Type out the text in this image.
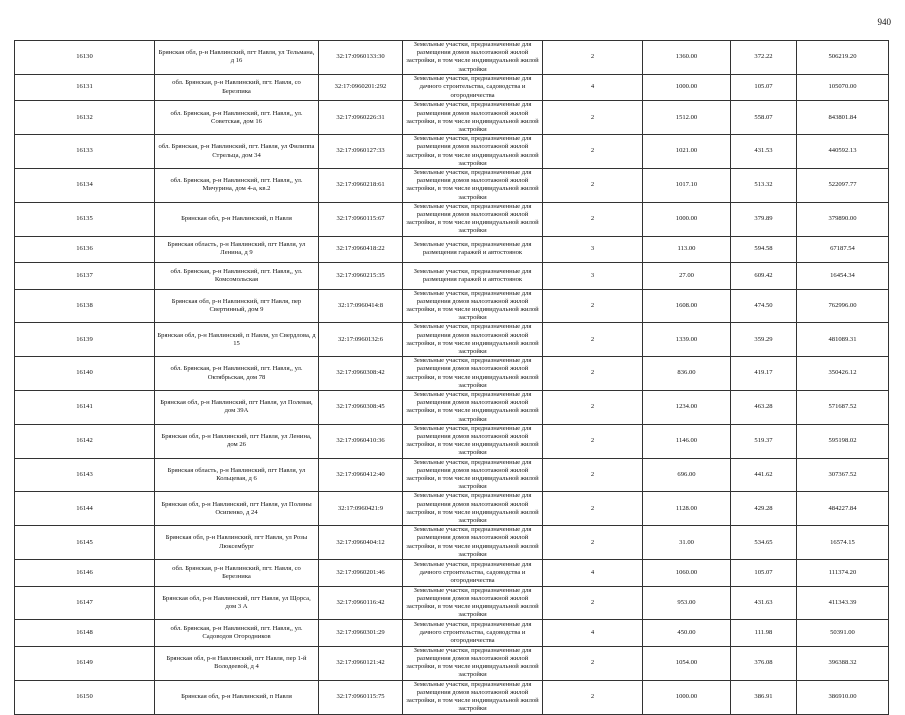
940
16130	Брянская обл, р-н Навлинский, пгт Навля, ул Тельмана, д 16	32:17:0960133:30	Земельные участки, предназначенные для размещения домов малоэтажной жилой застройки, в том числе индивидуальной жилой застройки	2	1360.00	372.22	506219.20
16131	обл. Брянская, р-н Навлинский, пгт. Навля, со Березпика	32:17:0960201:292	Земельные участки, предназначенные для дачного строительства, садоводства и огородничества	4	1000.00	105.07	105070.00
16132	обл. Брянская, р-н Навлинский, пгт. Навля,, ул. Советская, дом 16	32:17:0960226:31	Земельные участки, предназначенные для размещения домов малоэтажной жилой застройки, в том числе индивидуальной жилой застройки	2	1512.00	558.07	843801.84
16133	обл. Брянская, р-н Навлинский, пгт. Навля, ул Филиппа Стрельца, дом 34	32:17:0960127:33	Земельные участки, предназначенные для размещения домов малоэтажной жилой застройки, в том числе индивидуальной жилой застройки	2	1021.00	431.53	440592.13
16134	обл. Брянская, р-н Навлинский, пгт. Навля,, ул. Мичурина, дом 4-а, кв.2	32:17:0960218:61	Земельные участки, предназначенные для размещения домов малоэтажной жилой застройки, в том числе индивидуальной жилой застройки	2	1017.10	513.32	522097.77
16135	Брянская обл, р-н Навлинский, п Навля	32:17:0960115:67	Земельные участки, предназначенные для размещения домов малоэтажной жилой застройки, в том числе индивидуальной жилой застройки	2	1000.00	379.89	379890.00
16136	Брянская область, р-н Навлинский, пгт Навля, ул Ленина, д 9	32:17:0960418:22	Земельные участки, предназначенные для размещения гаражей и автостоянок	3	113.00	594.58	67187.54
16137	обл. Брянская, р-н Навлинский, пгт. Навля,, ул. Комсомольская	32:17:0960215:35	Земельные участки, предназначенные для размещения гаражей и автостоянок	3	27.00	609.42	16454.34
16138	Брянская обл, р-н Навлинский, пгт Навля, пер Свертинный, дом 9	32:17:0960414:8	Земельные участки, предназначенные для размещения домов малоэтажной жилой застройки, в том числе индивидуальной жилой застройки	2	1608.00	474.50	762996.00
16139	Брянская обл, р-н Навлинский, п Навля, ул Свердлова, д 15	32:17:0960132:6	Земельные участки, предназначенные для размещения домов малоэтажной жилой застройки, в том числе индивидуальной жилой застройки	2	1339.00	359.29	481089.31
16140	обл. Брянская, р-н Навлинский, пгт. Навля,, ул. Октябрьская, дом 78	32:17:0960308:42	Земельные участки, предназначенные для размещения домов малоэтажной жилой застройки, в том числе индивидуальной жилой застройки	2	836.00	419.17	350426.12
16141	Брянская обл, р-н Навлинский, пгт Навля, ул Полевая, дом 39А	32:17:0960308:45	Земельные участки, предназначенные для размещения домов малоэтажной жилой застройки, в том числе индивидуальной жилой застройки	2	1234.00	463.28	571687.52
16142	Брянская обл, р-н Навлинский, пгт Навля, ул Ленина, дом 26	32:17:0960410:36	Земельные участки, предназначенные для размещения домов малоэтажной жилой застройки, в том числе индивидуальной жилой застройки	2	1146.00	519.37	595198.02
16143	Брянская область, р-н Навлинский, пгт Навля, ул Кольцевая, д 6	32:17:0960412:40	Земельные участки, предназначенные для размещения домов малоэтажной жилой застройки, в том числе индивидуальной жилой застройки	2	696.00	441.62	307367.52
16144	Брянская обл, р-н Навлинский, пгт Навля, ул Полины Осипенко, д 24	32:17:0960421:9	Земельные участки, предназначенные для размещения домов малоэтажной жилой застройки, в том числе индивидуальной жилой застройки	2	1128.00	429.28	484227.84
16145	Брянская обл, р-н Навлинский, пгт Навля, ул Розы Люксембург	32:17:0960404:12	Земельные участки, предназначенные для размещения домов малоэтажной жилой застройки, в том числе индивидуальной жилой застройки	2	31.00	534.65	16574.15
16146	обл. Брянская, р-н Навлинский, пгт. Навля, со Березника	32:17:0960201:46	Земельные участки, предназначенные для дачного строительства, садоводства и огородничества	4	1060.00	105.07	111374.20
16147	Брянская обл, р-н Навлинский, пгт Навля, ул Щорса, дом 3 А	32:17:0960116:42	Земельные участки, предназначенные для размещения домов малоэтажной жилой застройки, в том числе индивидуальной жилой застройки	2	953.00	431.63	411343.39
16148	обл. Брянская, р-н Навлинский, пгт. Навля,, ул. Садоводов Огородников	32:17:0960301:29	Земельные участки, предназначенные для дачного строительства, садоводства и огородничества	4	450.00	111.98	50391.00
16149	Брянская обл, р-н Навлинский, пгт Навля, пер 1-й Володеевой, д 4	32:17:0960121:42	Земельные участки, предназначенные для размещения домов малоэтажной жилой застройки, в том числе индивидуальной жилой застройки	2	1054.00	376.08	396388.32
16150	Брянская обл, р-н Навлинский, п Навля	32:17:0960115:75	Земельные участки, предназначенные для размещения домов малоэтажной жилой застройки, в том числе индивидуальной жилой застройки	2	1000.00	386.91	386910.00
